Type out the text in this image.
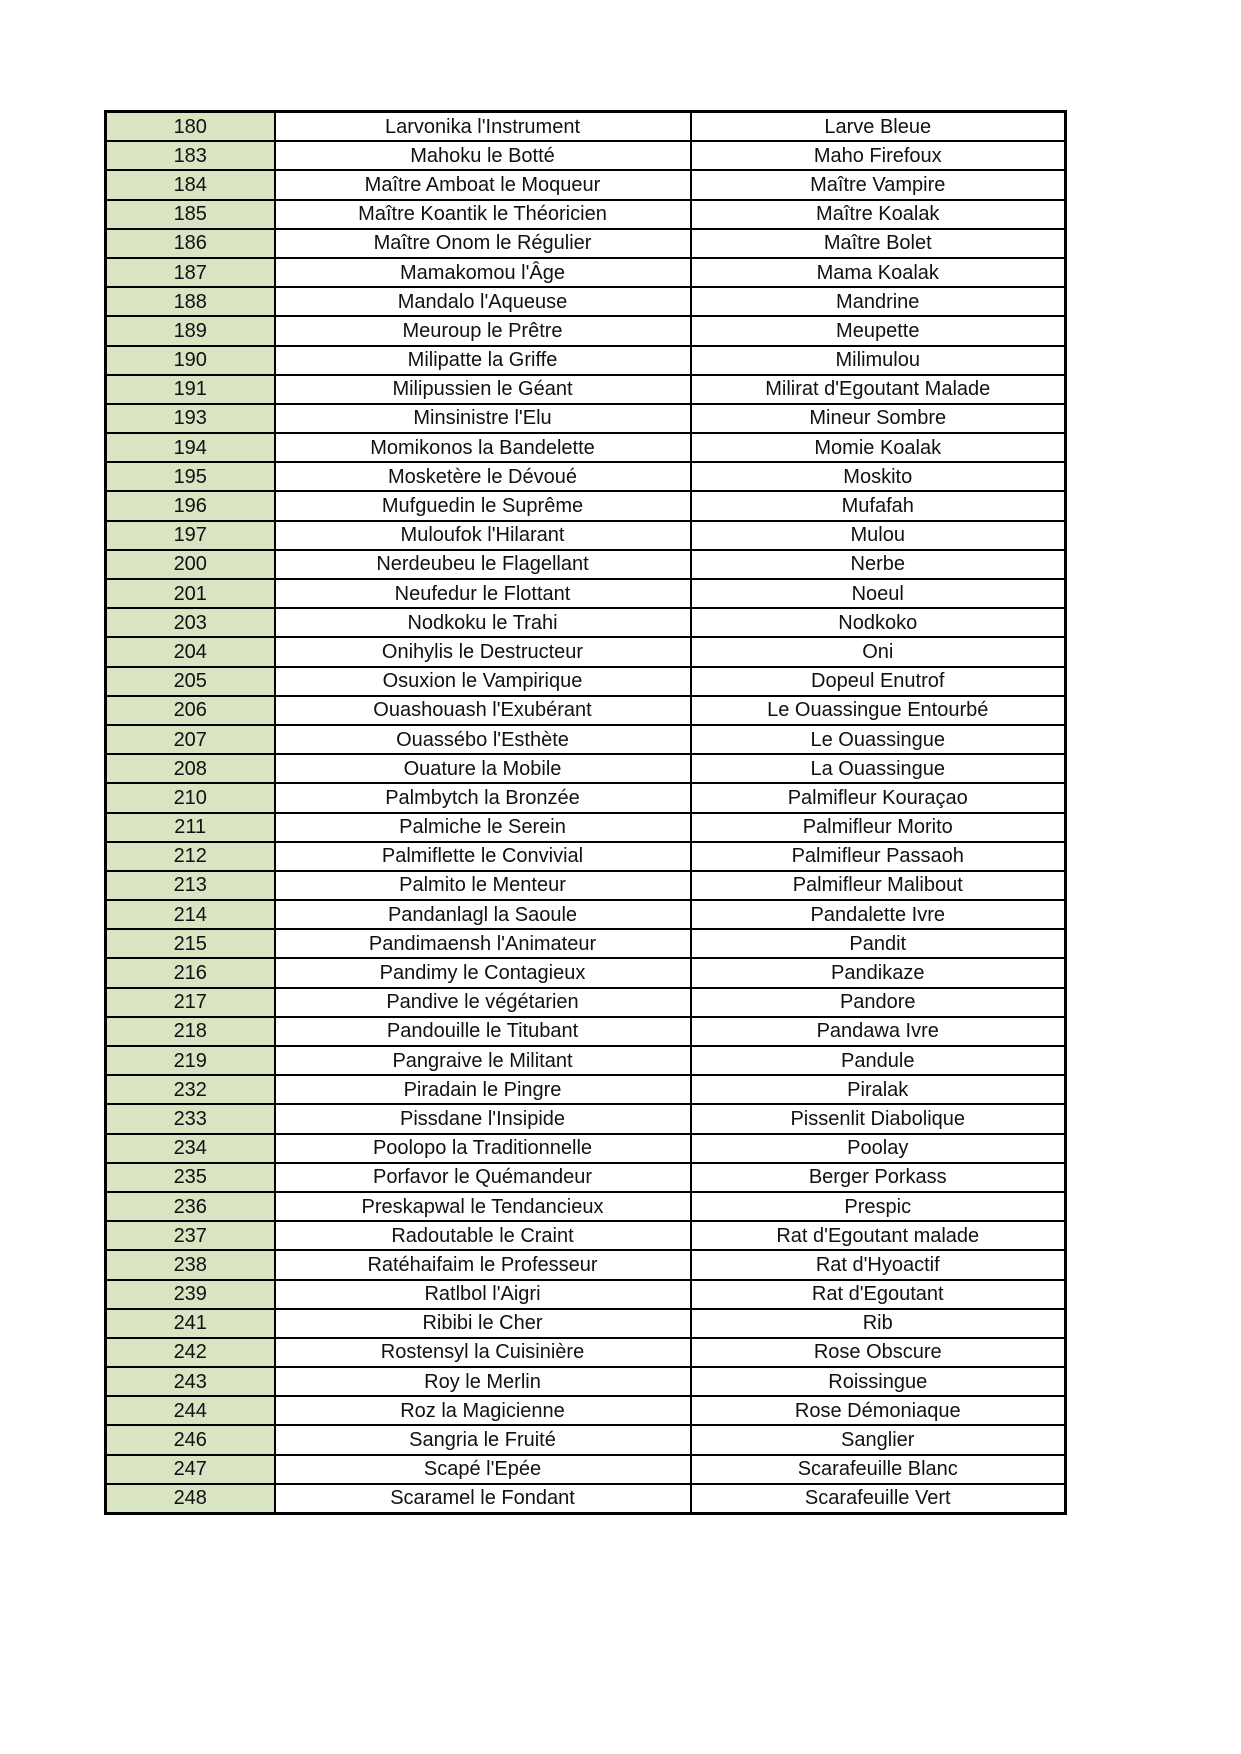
180	Larvonika l'Instrument	Larve Bleue
183	Mahoku le Botté	Maho Firefoux
184	Maître Amboat le Moqueur	Maître Vampire
185	Maître Koantik le Théoricien	Maître Koalak
186	Maître Onom le Régulier	Maître Bolet
187	Mamakomou l'Âge	Mama Koalak
188	Mandalo l'Aqueuse	Mandrine
189	Meuroup le Prêtre	Meupette
190	Milipatte la Griffe	Milimulou
191	Milipussien le Géant	Milirat d'Egoutant Malade
193	Minsinistre l'Elu	Mineur Sombre
194	Momikonos la Bandelette	Momie Koalak
195	Mosketère le Dévoué	Moskito
196	Mufguedin le Suprême	Mufafah
197	Muloufok l'Hilarant	Mulou
200	Nerdeubeu le Flagellant	Nerbe
201	Neufedur le Flottant	Noeul
203	Nodkoku le Trahi	Nodkoko
204	Onihylis le Destructeur	Oni
205	Osuxion le Vampirique	Dopeul Enutrof
206	Ouashouash l'Exubérant	Le Ouassingue Entourbé
207	Ouassébo l'Esthète	Le Ouassingue
208	Ouature la Mobile	La Ouassingue
210	Palmbytch la Bronzée	Palmifleur Kouraçao
211	Palmiche le Serein	Palmifleur Morito
212	Palmiflette le Convivial	Palmifleur Passaoh
213	Palmito le Menteur	Palmifleur Malibout
214	Pandanlagl la Saoule	Pandalette Ivre
215	Pandimaensh l'Animateur	Pandit
216	Pandimy le Contagieux	Pandikaze
217	Pandive le végétarien	Pandore
218	Pandouille le Titubant	Pandawa Ivre
219	Pangraive le Militant	Pandule
232	Piradain le Pingre	Piralak
233	Pissdane l'Insipide	Pissenlit Diabolique
234	Poolopo la Traditionnelle	Poolay
235	Porfavor le Quémandeur	Berger Porkass
236	Preskapwal le Tendancieux	Prespic
237	Radoutable le Craint	Rat d'Egoutant malade
238	Ratéhaifaim le Professeur	Rat d'Hyoactif
239	Ratlbol l'Aigri	Rat d'Egoutant
241	Ribibi le Cher	Rib
242	Rostensyl la Cuisinière	Rose Obscure
243	Roy le Merlin	Roissingue
244	Roz la Magicienne	Rose Démoniaque
246	Sangria le Fruité	Sanglier
247	Scapé l'Epée	Scarafeuille Blanc
248	Scaramel le Fondant	Scarafeuille Vert
